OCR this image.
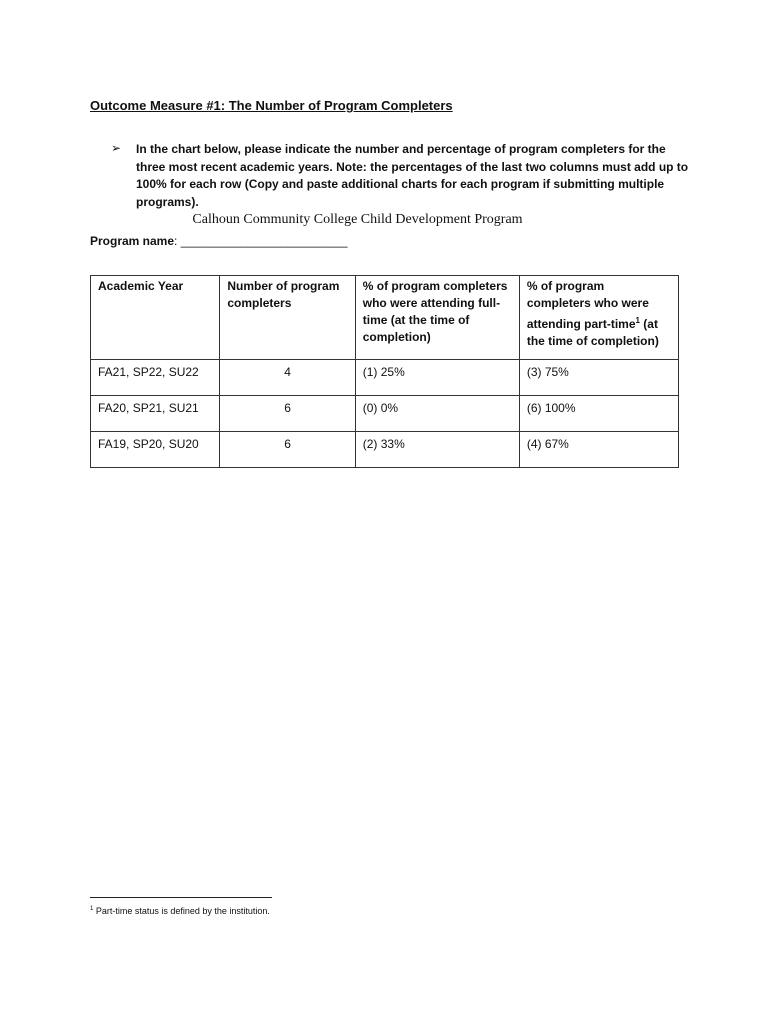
Outcome Measure #1: The Number of Program Completers
➢ In the chart below, please indicate the number and percentage of program completers for the three most recent academic years. Note: the percentages of the last two columns must add up to 100% for each row (Copy and paste additional charts for each program if submitting multiple programs).
Calhoun Community College Child Development Program
Program name: _________________________
Academic Year	Number of program completers	% of program completers who were attending full-time (at the time of completion)	% of program completers who were attending part-time$^1$ (at the time of completion)
FA21, SP22, SU22	4	(1) 25%	(3) 75%
FA20, SP21, SU21	6	(0) 0%	(6) 100%
FA19, SP20, SU20	6	(2) 33%	(4) 67%
$^1$ Part-time status is defined by the institution.
